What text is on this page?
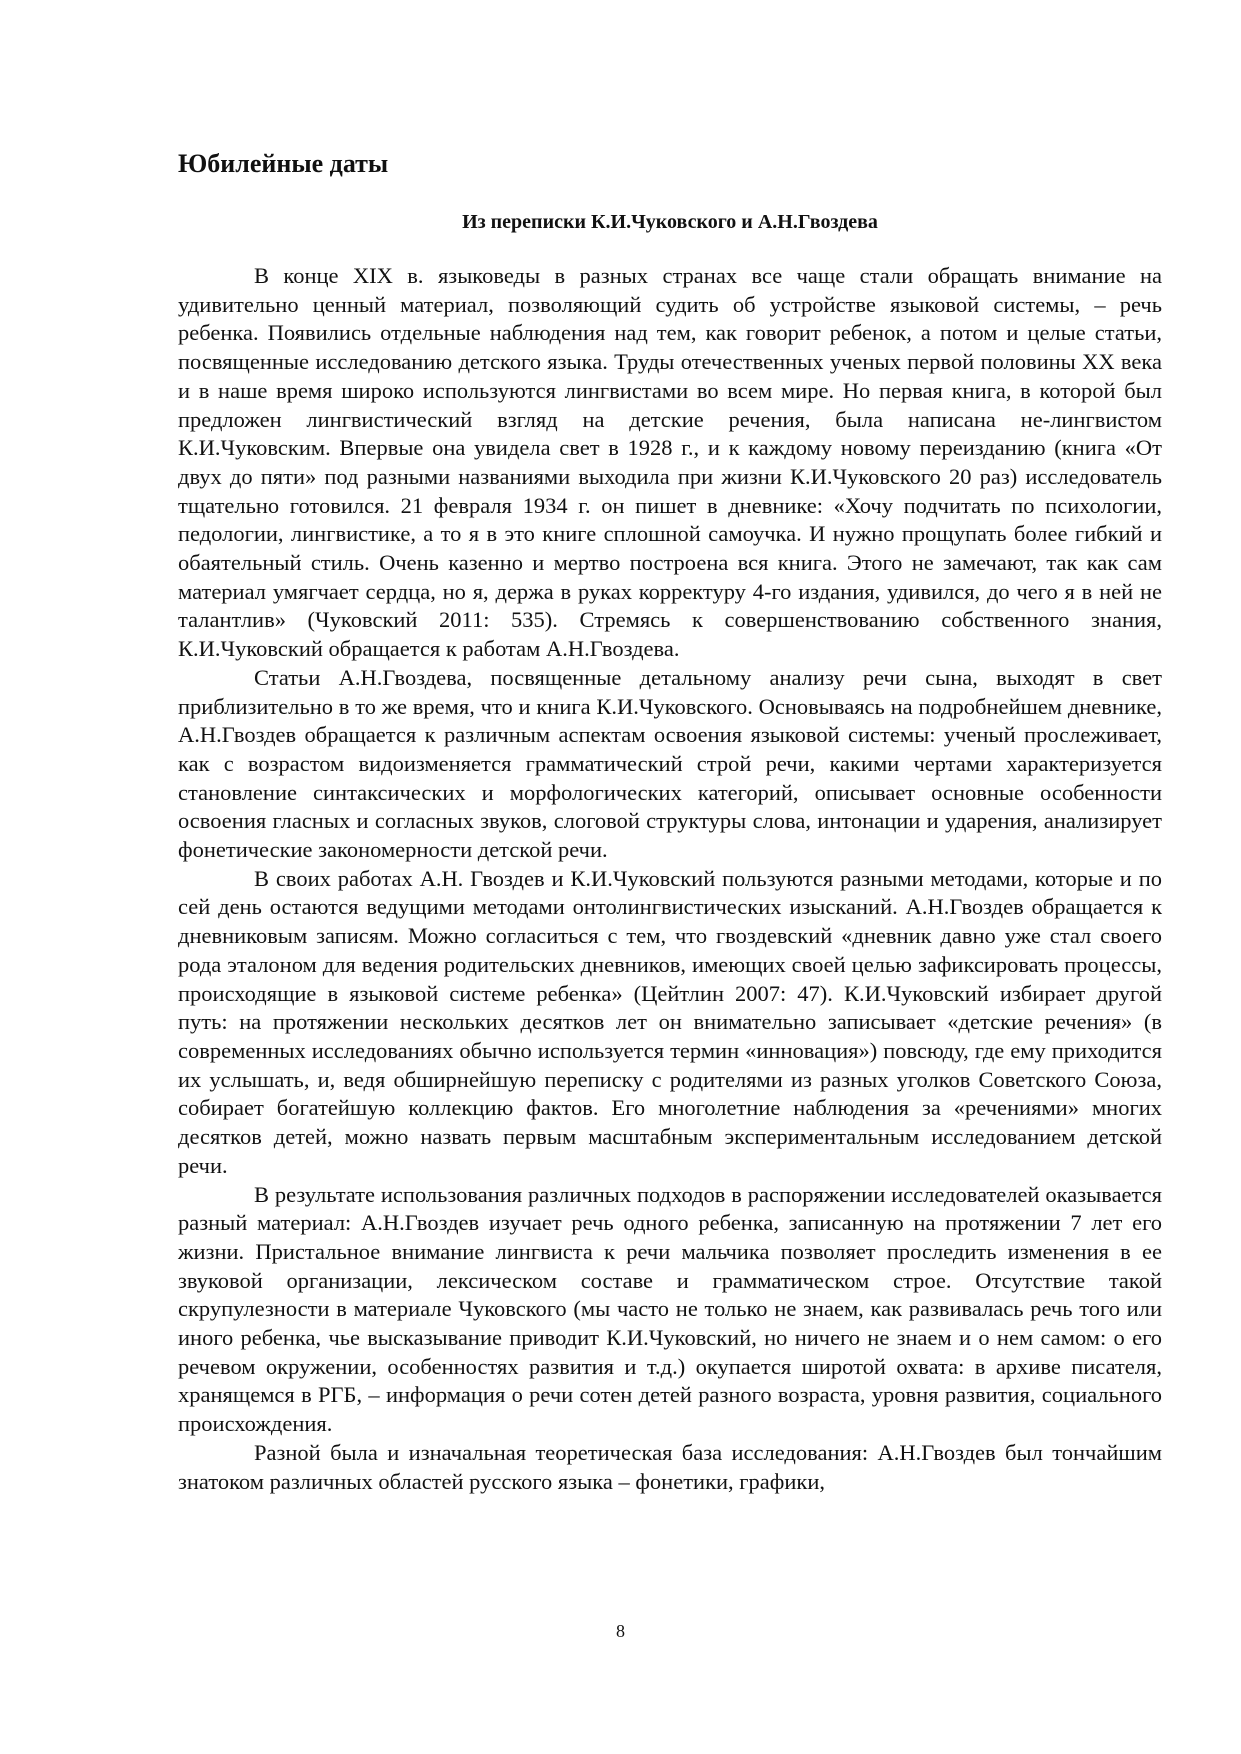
Юбилейные даты
Из переписки К.И.Чуковского и А.Н.Гвоздева

В конце XIX в. языковеды в разных странах все чаще стали обращать внимание на удивительно ценный материал, позволяющий судить об устройстве языковой системы, – речь ребенка. Появились отдельные наблюдения над тем, как говорит ребенок, а потом и целые статьи, посвященные исследованию детского языка. Труды отечественных ученых первой половины XX века и в наше время широко используются лингвистами во всем мире. Но первая книга, в которой был предложен лингвистический взгляд на детские речения, была написана не-лингвистом К.И.Чуковским. Впервые она увидела свет в 1928 г., и к каждому новому переизданию (книга «От двух до пяти» под разными названиями выходила при жизни К.И.Чуковского 20 раз) исследователь тщательно готовился. 21 февраля 1934 г. он пишет в дневнике: «Хочу подчитать по психологии, педологии, лингвистике, а то я в это книге сплошной самоучка. И нужно прощупать более гибкий и обаятельный стиль. Очень казенно и мертво построена вся книга. Этого не замечают, так как сам материал умягчает сердца, но я, держа в руках корректуру 4-го издания, удивился, до чего я в ней не талантлив» (Чуковский 2011: 535). Стремясь к совершенствованию собственного знания, К.И.Чуковский обращается к работам А.Н.Гвоздева.

Статьи А.Н.Гвоздева, посвященные детальному анализу речи сына, выходят в свет приблизительно в то же время, что и книга К.И.Чуковского. Основываясь на подробнейшем дневнике, А.Н.Гвоздев обращается к различным аспектам освоения языковой системы: ученый прослеживает, как с возрастом видоизменяется грамматический строй речи, какими чертами характеризуется становление синтаксических и морфологических категорий, описывает основные особенности освоения гласных и согласных звуков, слоговой структуры слова, интонации и ударения, анализирует фонетические закономерности детской речи.

В своих работах А.Н. Гвоздев и К.И.Чуковский пользуются разными методами, которые и по сей день остаются ведущими методами онтолингвистических изысканий. А.Н.Гвоздев обращается к дневниковым записям. Можно согласиться с тем, что гвоздевский «дневник давно уже стал своего рода эталоном для ведения родительских дневников, имеющих своей целью зафиксировать процессы, происходящие в языковой системе ребенка» (Цейтлин 2007: 47). К.И.Чуковский избирает другой путь: на протяжении нескольких десятков лет он внимательно записывает «детские речения» (в современных исследованиях обычно используется термин «инновация») повсюду, где ему приходится их услышать, и, ведя обширнейшую переписку с родителями из разных уголков Советского Союза, собирает богатейшую коллекцию фактов. Его многолетние наблюдения за «речениями» многих десятков детей, можно назвать первым масштабным экспериментальным исследованием детской речи.

В результате использования различных подходов в распоряжении исследователей оказывается разный материал: А.Н.Гвоздев изучает речь одного ребенка, записанную на протяжении 7 лет его жизни. Пристальное внимание лингвиста к речи мальчика позволяет проследить изменения в ее звуковой организации, лексическом составе и грамматическом строе. Отсутствие такой скрупулезности в материале Чуковского (мы часто не только не знаем, как развивалась речь того или иного ребенка, чье высказывание приводит К.И.Чуковский, но ничего не знаем и о нем самом: о его речевом окружении, особенностях развития и т.д.) окупается широтой охвата: в архиве писателя, хранящемся в РГБ, – информация о речи сотен детей разного возраста, уровня развития, социального происхождения.

Разной была и изначальная теоретическая база исследования: А.Н.Гвоздев был тончайшим знатоком различных областей русского языка – фонетики, графики,

8
